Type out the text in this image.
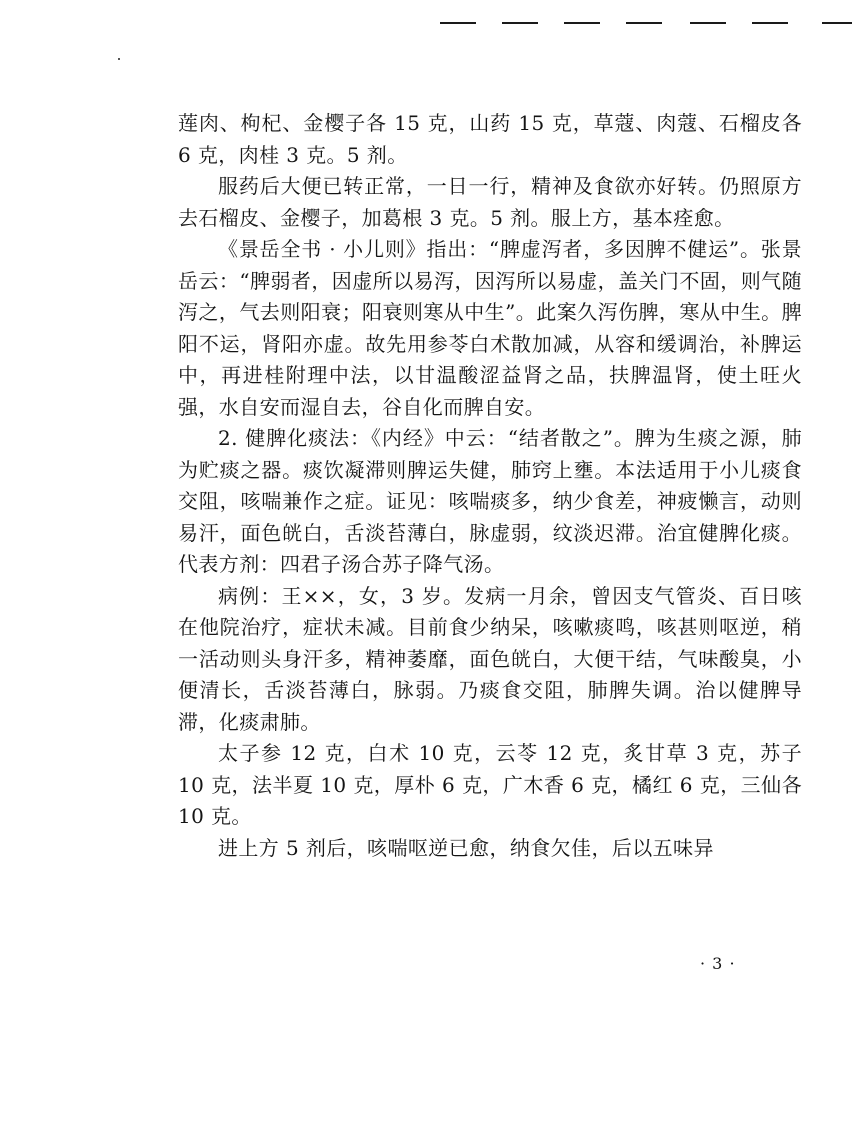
莲肉、枸杞、金樱子各 15 克，山药 15 克，草蔻、肉蔻、石榴皮各 6 克，肉桂 3 克。5 剂。

服药后大便已转正常，一日一行，精神及食欲亦好转。仍照原方去石榴皮、金樱子，加葛根 3 克。5 剂。服上方，基本痊愈。

《景岳全书 · 小儿则》指出：“脾虚泻者，多因脾不健运”。张景岳云：“脾弱者，因虚所以易泻，因泻所以易虚，盖关门不固，则气随泻之，气去则阳衰；阳衰则寒从中生”。此案久泻伤脾，寒从中生。脾阳不运，肾阳亦虚。故先用参苓白术散加减，从容和缓调治，补脾运中，再进桂附理中法，以甘温酸涩益肾之品，扶脾温肾，使土旺火强，水自安而湿自去，谷自化而脾自安。

2. 健脾化痰法：《内经》中云：“结者散之”。脾为生痰之源，肺为贮痰之器。痰饮凝滞则脾运失健，肺窍上壅。本法适用于小儿痰食交阻，咳喘兼作之症。证见：咳喘痰多，纳少食差，神疲懒言，动则易汗，面色㿠白，舌淡苔薄白，脉虚弱，纹淡迟滞。治宜健脾化痰。代表方剂：四君子汤合苏子降气汤。

病例：王××，女，3 岁。发病一月余，曾因支气管炎、百日咳在他院治疗，症状未减。目前食少纳呆，咳嗽痰鸣，咳甚则呕逆，稍一活动则头身汗多，精神萎靡，面色㿠白，大便干结，气味酸臭，小便清长，舌淡苔薄白，脉弱。乃痰食交阻，肺脾失调。治以健脾导滞，化痰肃肺。

太子参 12 克，白术 10 克，云苓 12 克，炙甘草 3 克，苏子 10 克，法半夏 10 克，厚朴 6 克，广木香 6 克，橘红 6 克，三仙各 10 克。

进上方 5 剂后，咳喘呕逆已愈，纳食欠佳，后以五味异

· 3 ·
